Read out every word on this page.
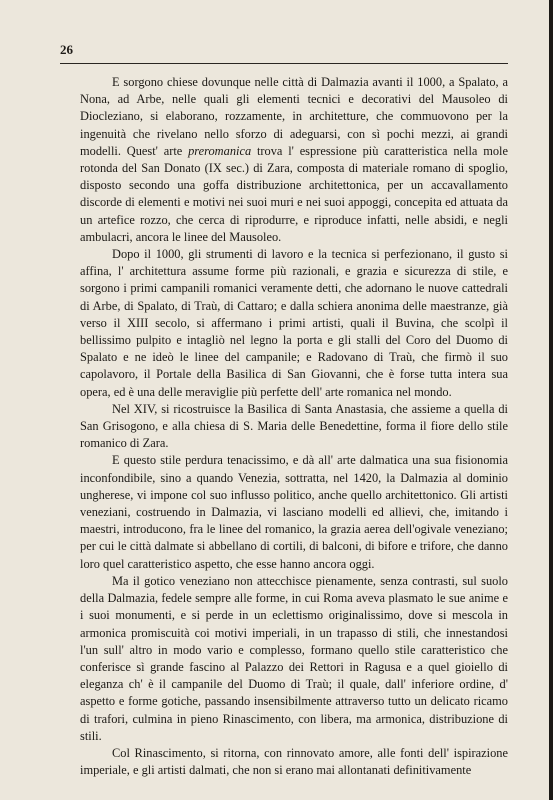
26

E sorgono chiese dovunque nelle città di Dalmazia avanti il 1000, a Spalato, a Nona, ad Arbe, nelle quali gli elementi tecnici e decorativi del Mausoleo di Diocleziano, si elaborano, rozzamente, in architetture, che commuovono per la ingenuità che rivelano nello sforzo di adeguarsi, con sì pochi mezzi, ai grandi modelli. Quest' arte preromanica trova l' espressione più caratteristica nella mole rotonda del San Donato (IX sec.) di Zara, composta di materiale romano di spoglio, disposto secondo una goffa distribuzione architettonica, per un accavallamento discorde di elementi e motivi nei suoi muri e nei suoi appoggi, concepita ed attuata da un artefice rozzo, che cerca di riprodurre, e riproduce infatti, nelle absidi, e negli ambulacri, ancora le linee del Mausoleo.

Dopo il 1000, gli strumenti di lavoro e la tecnica si perfezionano, il gusto si affina, l' architettura assume forme più razionali, e grazia e sicurezza di stile, e sorgono i primi campanili romanici veramente detti, che adornano le nuove cattedrali di Arbe, di Spalato, di Traù, di Cattaro; e dalla schiera anonima delle maestranze, già verso il XIII secolo, si affermano i primi artisti, quali il Buvina, che scolpì il bellissimo pulpito e intagliò nel legno la porta e gli stalli del Coro del Duomo di Spalato e ne ideò le linee del campanile; e Radovano di Traù, che firmò il suo capolavoro, il Portale della Basilica di San Giovanni, che è forse tutta intera sua opera, ed è una delle meraviglie più perfette dell' arte romanica nel mondo.

Nel XIV, si ricostruisce la Basilica di Santa Anastasia, che assieme a quella di San Grisogono, e alla chiesa di S. Maria delle Benedettine, forma il fiore dello stile romanico di Zara.

E questo stile perdura tenacissimo, e dà all' arte dalmatica una sua fisionomia inconfondibile, sino a quando Venezia, sottratta, nel 1420, la Dalmazia al dominio ungherese, vi impone col suo influsso politico, anche quello architettonico. Gli artisti veneziani, costruendo in Dalmazia, vi lasciano modelli ed allievi, che, imitando i maestri, introducono, fra le linee del romanico, la grazia aerea dell'ogivale veneziano; per cui le città dalmate si abbellano di cortili, di balconi, di bifore e trifore, che danno loro quel caratteristico aspetto, che esse hanno ancora oggi.

Ma il gotico veneziano non attecchisce pienamente, senza contrasti, sul suolo della Dalmazia, fedele sempre alle forme, in cui Roma aveva plasmato le sue anime e i suoi monumenti, e si perde in un eclettismo originalissimo, dove si mescola in armonica promiscuità coi motivi imperiali, in un trapasso di stili, che innestandosi l'un sull' altro in modo vario e complesso, formano quello stile caratteristico che conferisce sì grande fascino al Palazzo dei Rettori in Ragusa e a quel gioiello di eleganza ch' è il campanile del Duomo di Traù; il quale, dall' inferiore ordine, d' aspetto e forme gotiche, passando insensibilmente attraverso tutto un delicato ricamo di trafori, culmina in pieno Rinascimento, con libera, ma armonica, distribuzione di stili.

Col Rinascimento, si ritorna, con rinnovato amore, alle fonti dell' ispirazione imperiale, e gli artisti dalmati, che non si erano mai allontanati definitivamente
